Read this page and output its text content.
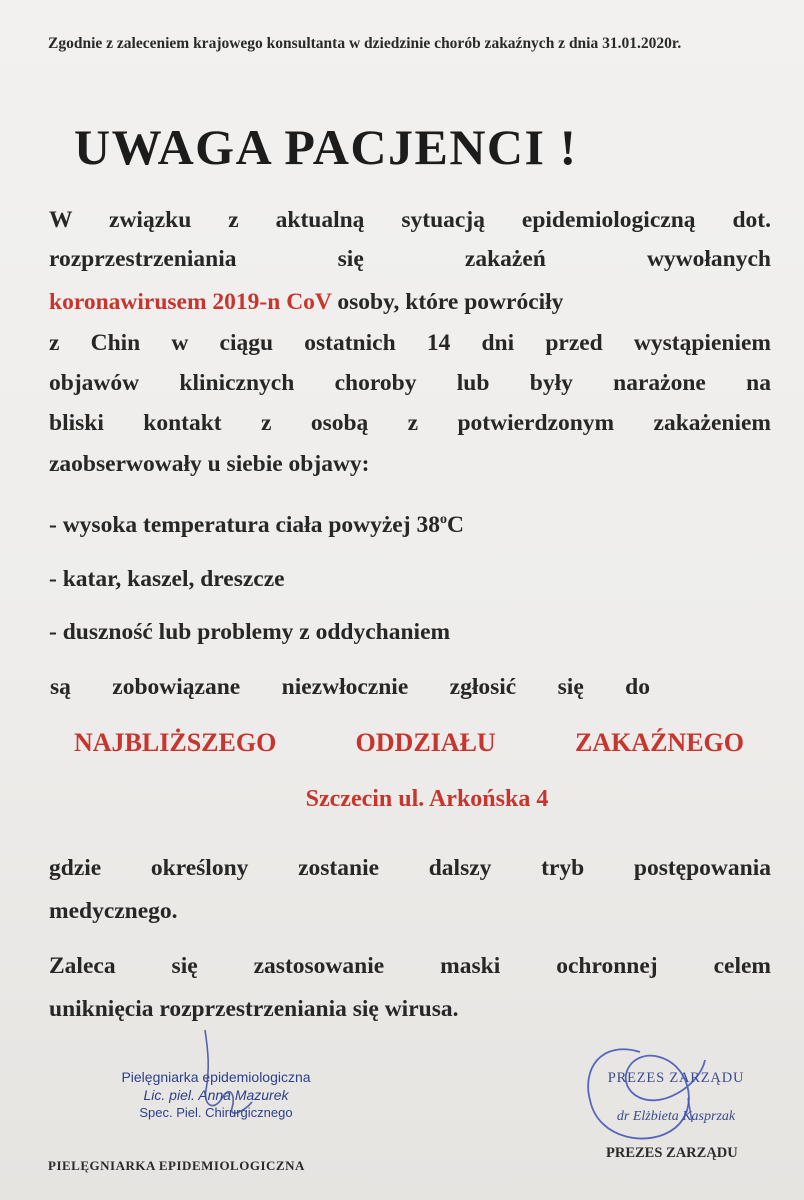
Zgodnie z zaleceniem krajowego konsultanta w dziedzinie chorób zakaźnych z dnia 31.01.2020r.
UWAGA PACJENCI !
W związku z aktualną sytuacją epidemiologiczną dot.
rozprzestrzeniania się zakażeń wywołanych
koronawirusem 2019-n CoV osoby, które powróciły
z Chin w ciągu ostatnich 14 dni przed wystąpieniem
objawów klinicznych choroby lub były narażone na
bliski kontakt z osobą z potwierdzonym zakażeniem
zaobserwowały u siebie objawy:
- wysoka temperatura ciała powyżej 38$^o$C
- katar, kaszel, dreszcze
- duszność lub problemy z oddychaniem
są zobowiązane niezwłocznie zgłosić się do
NAJBLIŻSZEGO ODDZIAŁU ZAKAŹNEGO
Szczecin ul. Arkońska 4
gdzie określony zostanie dalszy tryb postępowania
medycznego.
Zaleca się zastosowanie maski ochronnej celem
uniknięcia rozprzestrzeniania się wirusa.
Pielęgniarka epidemiologiczna
Lic. piel. Anna Mazurek
Spec. Piel. Chirurgicznego
PIELĘGNIARKA EPIDEMIOLOGICZNA
PREZES ZARZĄDU
dr Elżbieta Kasprzak
PREZES ZARZĄDU
